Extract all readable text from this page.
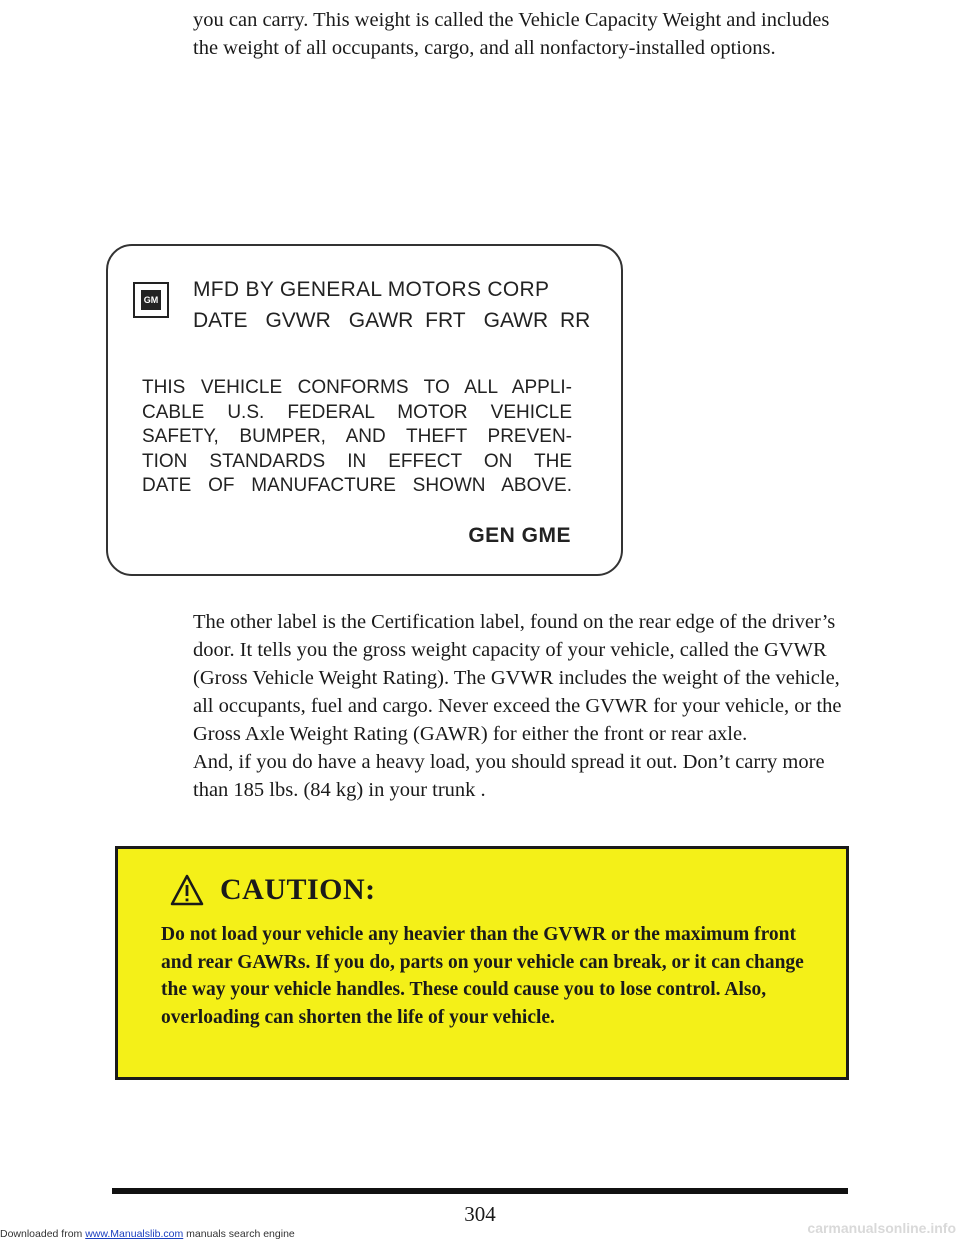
you can carry. This weight is called the Vehicle Capacity Weight and includes the weight of all occupants, cargo, and all nonfactory-installed options.

GM MFD BY GENERAL MOTORS CORP
DATE GVWR GAWR FRT GAWR RR
THIS VEHICLE CONFORMS TO ALL APPLI-
CABLE U.S. FEDERAL MOTOR VEHICLE
SAFETY, BUMPER, AND THEFT PREVEN-
TION STANDARDS IN EFFECT ON THE
DATE OF MANUFACTURE SHOWN ABOVE.
GEN GME

The other label is the Certification label, found on the rear edge of the driver’s door. It tells you the gross weight capacity of your vehicle, called the GVWR (Gross Vehicle Weight Rating). The GVWR includes the weight of the vehicle, all occupants, fuel and cargo. Never exceed the GVWR for your vehicle, or the Gross Axle Weight Rating (GAWR) for either the front or rear axle.

And, if you do have a heavy load, you should spread it out. Don’t carry more than 185 lbs. (84 kg) in your trunk .

CAUTION:

Do not load your vehicle any heavier than the GVWR or the maximum front and rear GAWRs. If you do, parts on your vehicle can break, or it can change the way your vehicle handles. These could cause you to lose control. Also, overloading can shorten the life of your vehicle.

304
Downloaded from www.Manualslib.com manuals search engine	carmanualsonline.info
